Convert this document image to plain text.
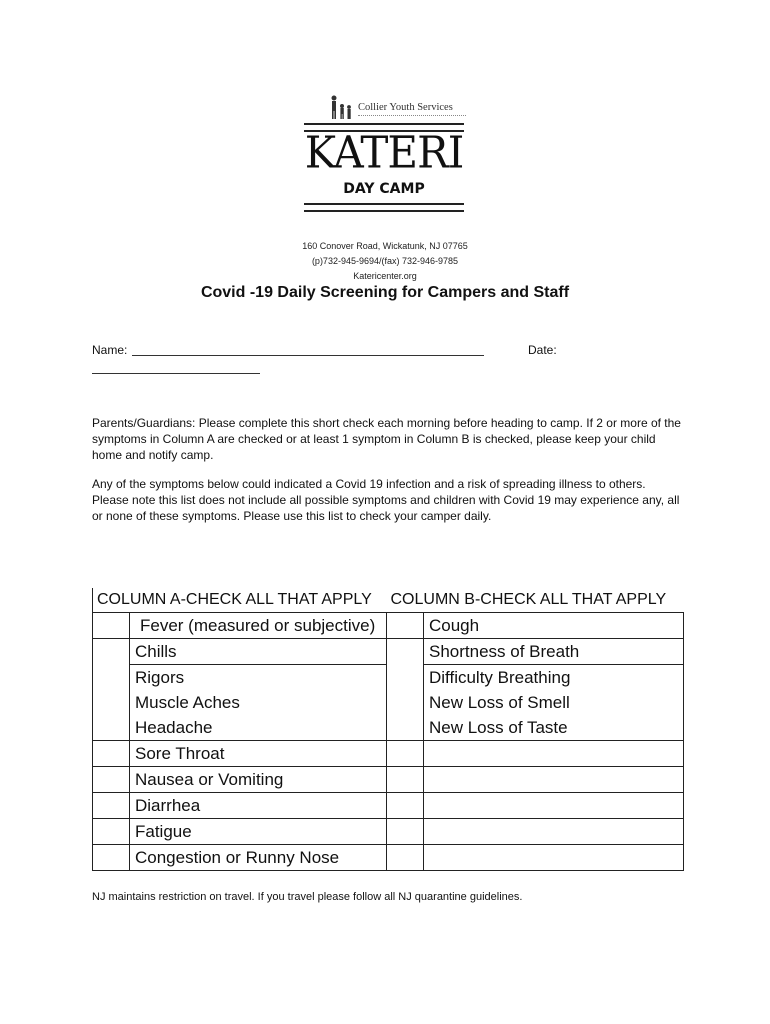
Collier Youth Services
KATERI
DAY CAMP
160 Conover Road, Wickatunk, NJ 07765
(p)732-945-9694/(fax) 732-946-9785
Katericenter.org
Covid -19 Daily Screening for Campers and Staff
Name:	Date:
Parents/Guardians: Please complete this short check each morning before heading to camp. If 2 or more of the symptoms in Column A are checked or at least 1 symptom in Column B is checked, please keep your child home and notify camp.
Any of the symptoms below could indicated a Covid 19 infection and a risk of spreading illness to others. Please note this list does not include all possible symptoms and children with Covid 19 may experience any, all or none of these symptoms. Please use this list to check your camper daily.
COLUMN A-CHECK ALL THAT APPLY		COLUMN B-CHECK ALL THAT APPLY	
	Fever (measured or subjective)		Cough
	Chills		Shortness of Breath
	Rigors		Difficulty Breathing
	Muscle Aches		New Loss of Smell
	Headache		New Loss of Taste
	Sore Throat		
	Nausea or Vomiting		
	Diarrhea		
	Fatigue		
	Congestion or Runny Nose		
NJ maintains restriction on travel. If you travel please follow all NJ quarantine guidelines.
